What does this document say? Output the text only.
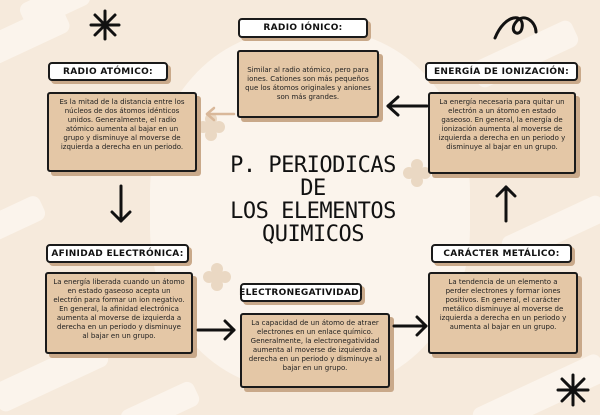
P. PERIODICAS DE
LOS ELEMENTOS
QUIMICOS
RADIO IÓNICO:
Similar al radio atómico, pero para iones. Cationes son más pequeños que los átomos originales y aniones son más grandes.
RADIO ATÓMICO:
Es la mitad de la distancia entre los núcleos de dos átomos idénticos unidos. Generalmente, el radio atómico aumenta al bajar en un grupo y disminuye al moverse de izquierda a derecha en un periodo.
ENERGÍA DE IONIZACIÓN:
La energía necesaria para quitar un electrón a un átomo en estado gaseoso. En general, la energía de ionización aumenta al moverse de izquierda a derecha en un periodo y disminuye al bajar en un grupo.
AFINIDAD ELECTRÓNICA:
La energía liberada cuando un átomo en estado gaseoso acepta un electrón para formar un ion negativo. En general, la afinidad electrónica aumenta al moverse de izquierda a derecha en un periodo y disminuye al bajar en un grupo.
ELECTRONEGATIVIDAD:
La capacidad de un átomo de atraer electrones en un enlace químico. Generalmente, la electronegatividad aumenta al moverse de izquierda a derecha en un periodo y disminuye al bajar en un grupo.
CARÁCTER METÁLICO:
La tendencia de un elemento a perder electrones y formar iones positivos. En general, el carácter metálico disminuye al moverse de izquierda a derecha en un periodo y aumenta al bajar en un grupo.
